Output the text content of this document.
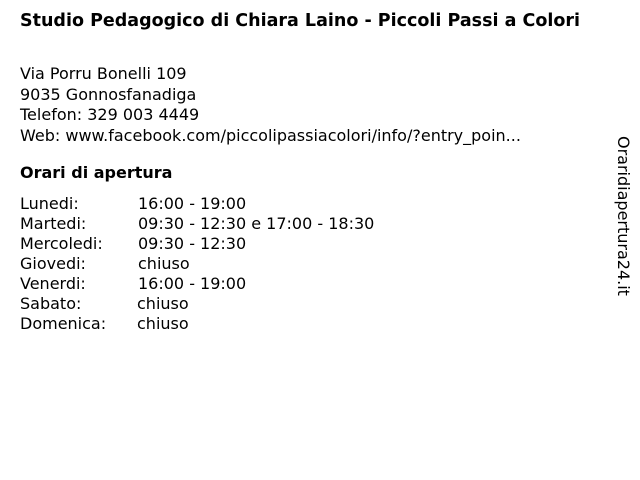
Studio Pedagogico di Chiara Laino - Piccoli Passi a Colori
Via Porru Bonelli 109
9035 Gonnosfanadiga
Telefon: 329 003 4449
Web: www.facebook.com/piccolipassiacolori/info/?entry_poin...
Orari di apertura
Lunedi:	16:00 - 19:00
Martedi:	09:30 - 12:30 e 17:00 - 18:30
Mercoledi: 09:30 - 12:30
Giovedi:	chiuso
Venerdi:	16:00 - 19:00
Sabato:	chiuso
Domenica: chiuso
Oraridiapertura24.it
